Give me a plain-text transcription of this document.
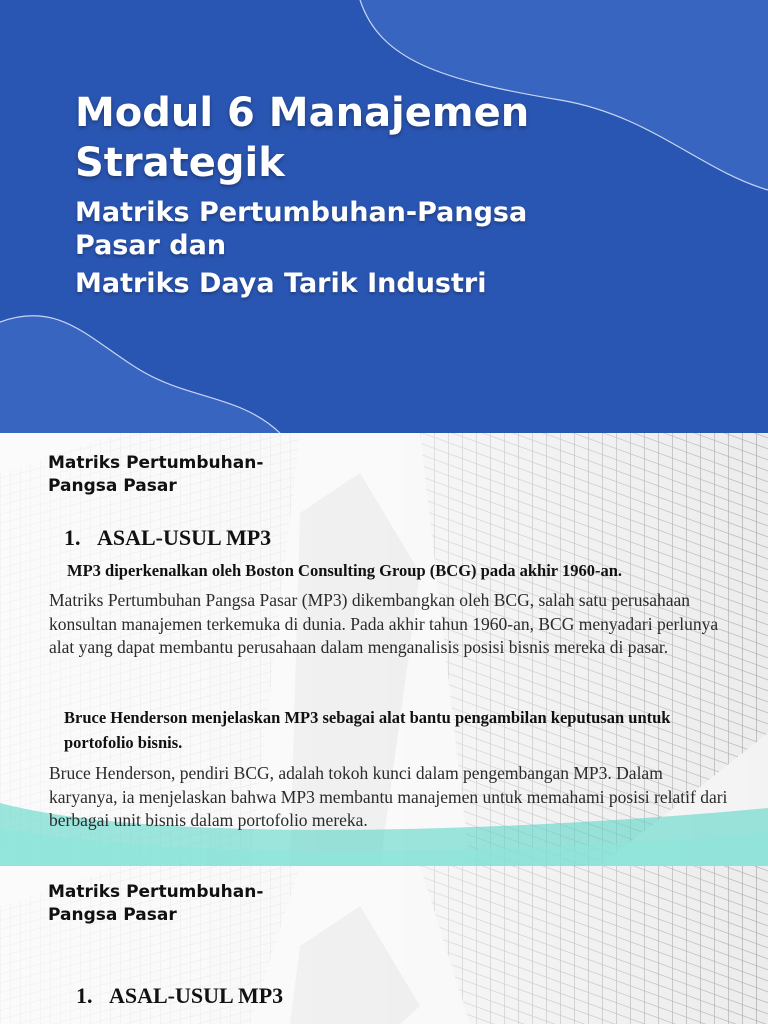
Modul 6 Manajemen Strategik
Matriks Pertumbuhan-Pangsa Pasar dan
Matriks Daya Tarik Industri
Matriks Pertumbuhan-Pangsa Pasar
1. ASAL-USUL MP3
MP3 diperkenalkan oleh Boston Consulting Group (BCG) pada akhir 1960-an.
Matriks Pertumbuhan Pangsa Pasar (MP3) dikembangkan oleh BCG, salah satu perusahaan konsultan manajemen terkemuka di dunia. Pada akhir tahun 1960-an, BCG menyadari perlunya alat yang dapat membantu perusahaan dalam menganalisis posisi bisnis mereka di pasar.
Bruce Henderson menjelaskan MP3 sebagai alat bantu pengambilan keputusan untuk portofolio bisnis.
Bruce Henderson, pendiri BCG, adalah tokoh kunci dalam pengembangan MP3. Dalam karyanya, ia menjelaskan bahwa MP3 membantu manajemen untuk memahami posisi relatif dari berbagai unit bisnis dalam portofolio mereka.
Matriks Pertumbuhan-Pangsa Pasar
1. ASAL-USUL MP3
